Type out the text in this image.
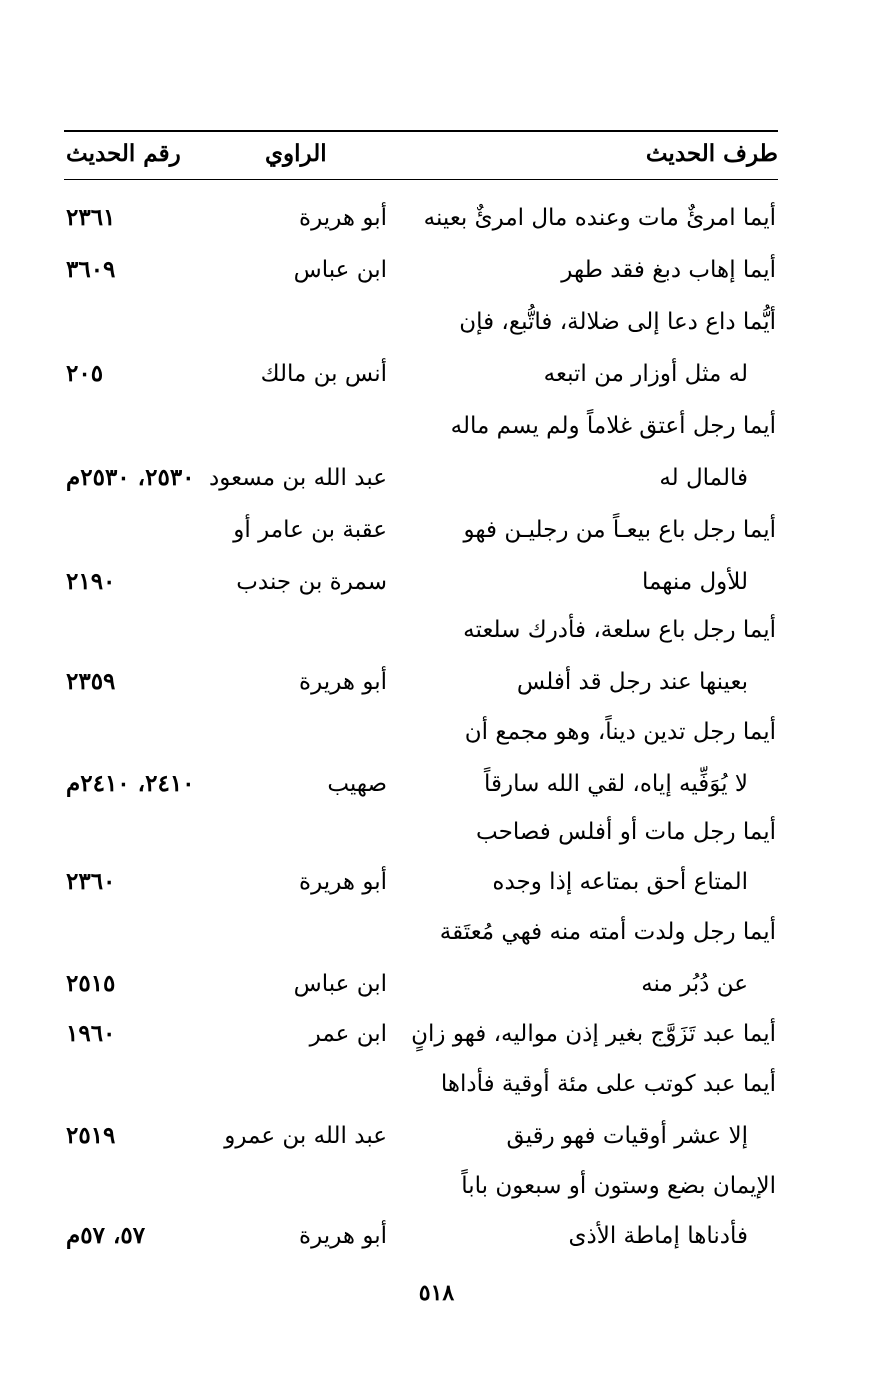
طرف الحديث
الراوي
رقم الحديث
أيما امرئٌ مات وعنده مال امرئٌ بعينه
أبو هريرة
٢٣٦١
أيما إهاب دبغ فقد طهر
ابن عباس
٣٦٠٩
أيُّما داع دعا إلى ضلالة، فاتُّبع، فإن
له مثل أوزار من اتبعه
أنس بن مالك
٢٠٥
أيما رجل أعتق غلاماً ولم يسم ماله
فالمال له
عبد الله بن مسعود
٢٥٣٠، ٢٥٣٠م
أيما رجل باع بيعـاً من رجليـن فهو
عقبة بن عامر أو
للأول منهما
سمرة بن جندب
٢١٩٠
أيما رجل باع سلعة، فأدرك سلعته
بعينها عند رجل قد أفلس
أبو هريرة
٢٣٥٩
أيما رجل تدين ديناً، وهو مجمع أن
لا يُوَفِّيه إياه، لقي الله سارقاً
صهيب
٢٤١٠، ٢٤١٠م
أيما رجل مات أو أفلس فصاحب
المتاع أحق بمتاعه إذا وجده
أبو هريرة
٢٣٦٠
أيما رجل ولدت أمته منه فهي مُعتَقة
عن دُبُر منه
ابن عباس
٢٥١٥
أيما عبد تَزَوَّج بغير إذن مواليه، فهو زانٍ
ابن عمر
١٩٦٠
أيما عبد كوتب على مئة أوقية فأداها
إلا عشر أوقيات فهو رقيق
عبد الله بن عمرو
٢٥١٩
الإيمان بضع وستون أو سبعون باباً
فأدناها إماطة الأذى
أبو هريرة
٥٧، ٥٧م
٥١٨
